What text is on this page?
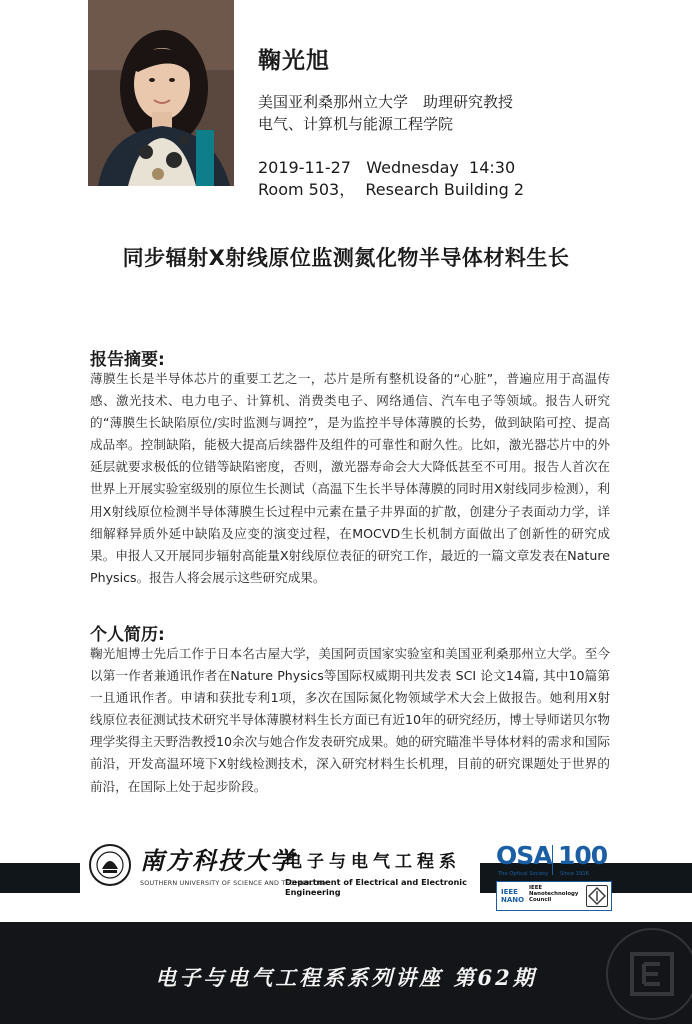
鞠光旭
美国亚利桑那州立大学　助理研究教授
电气、计算机与能源工程学院
2019-11-27   Wednesday  14:30
Room 503，  Research Building 2
同步辐射X射线原位监测氮化物半导体材料生长
报告摘要:
薄膜生长是半导体芯片的重要工艺之一，芯片是所有整机设备的“心脏”，普遍应用于高温传感、激光技术、电力电子、计算机、消费类电子、网络通信、汽车电子等领域。报告人研究的“薄膜生长缺陷原位/实时监测与调控”，是为监控半导体薄膜的长势，做到缺陷可控、提高成品率。控制缺陷，能极大提高后续器件及组件的可靠性和耐久性。比如，激光器芯片中的外延层就要求极低的位错等缺陷密度，否则，激光器寿命会大大降低甚至不可用。报告人首次在世界上开展实验室级别的原位生长测试（高温下生长半导体薄膜的同时用X射线同步检测），利用X射线原位检测半导体薄膜生长过程中元素在量子井界面的扩散，创建分子表面动力学，详细解释异质外延中缺陷及应变的演变过程，在MOCVD生长机制方面做出了创新性的研究成果。申报人又开展同步辐射高能量X射线原位表征的研究工作，最近的一篇文章发表在Nature　Physics。报告人将会展示这些研究成果。
个人简历:
鞠光旭博士先后工作于日本名古屋大学，美国阿贡国家实验室和美国亚利桑那州立大学。至今以第一作者兼通讯作者在Nature Physics等国际权威期刊共发表 SCI 论文14篇, 其中10篇第一且通讯作者。申请和获批专利1项，多次在国际氮化物领域学术大会上做报告。她利用X射线原位表征测试技术研究半导体薄膜材料生长方面已有近10年的研究经历，博士导师诺贝尔物理学奖得主天野浩教授10余次与她合作发表研究成果。她的研究瞄准半导体材料的需求和国际前沿，开发高温环境下X射线检测技术，深入研究材料生长机理，目前的研究课题处于世界的前沿，在国际上处于起步阶段。
南方科技大学
SOUTHERN UNIVERSITY OF SCIENCE AND TECHNOLOGY
电子与电气工程系
Department of Electrical and Electronic Engineering
OSA
The Optical Society
100
Since 1916
IEEE
NANO
IEEE
Nanotechnology
Council
电子与电气工程系系列讲座 第62期
